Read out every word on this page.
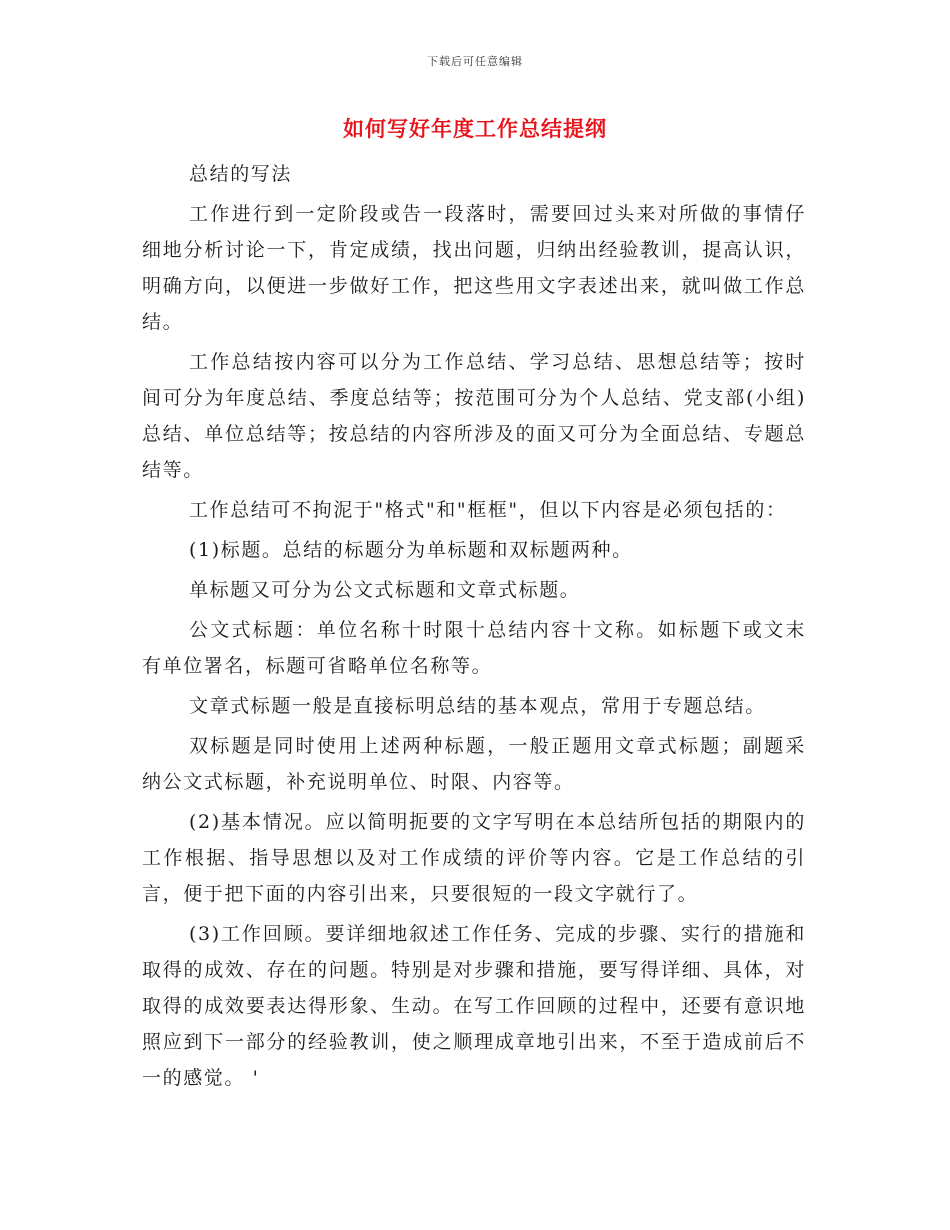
下载后可任意编辑
如何写好年度工作总结提纲

总结的写法

工作进行到一定阶段或告一段落时，需要回过头来对所做的事情仔细地分析讨论一下，肯定成绩，找出问题，归纳出经验教训，提高认识，明确方向，以便进一步做好工作，把这些用文字表述出来，就叫做工作总结。

工作总结按内容可以分为工作总结、学习总结、思想总结等；按时间可分为年度总结、季度总结等；按范围可分为个人总结、党支部(小组)总结、单位总结等；按总结的内容所涉及的面又可分为全面总结、专题总结等。

工作总结可不拘泥于"格式"和"框框"，但以下内容是必须包括的：

(1)标题。总结的标题分为单标题和双标题两种。

单标题又可分为公文式标题和文章式标题。

公文式标题：单位名称十时限十总结内容十文称。如标题下或文末有单位署名，标题可省略单位名称等。

文章式标题一般是直接标明总结的基本观点，常用于专题总结。

双标题是同时使用上述两种标题，一般正题用文章式标题；副题采纳公文式标题，补充说明单位、时限、内容等。

(2)基本情况。应以简明扼要的文字写明在本总结所包括的期限内的工作根据、指导思想以及对工作成绩的评价等内容。它是工作总结的引言，便于把下面的内容引出来，只要很短的一段文字就行了。

(3)工作回顾。要详细地叙述工作任务、完成的步骤、实行的措施和取得的成效、存在的问题。特别是对步骤和措施，要写得详细、具体，对取得的成效要表达得形象、生动。在写工作回顾的过程中，还要有意识地照应到下一部分的经验教训，使之顺理成章地引出来，不至于造成前后不一的感觉。 '
